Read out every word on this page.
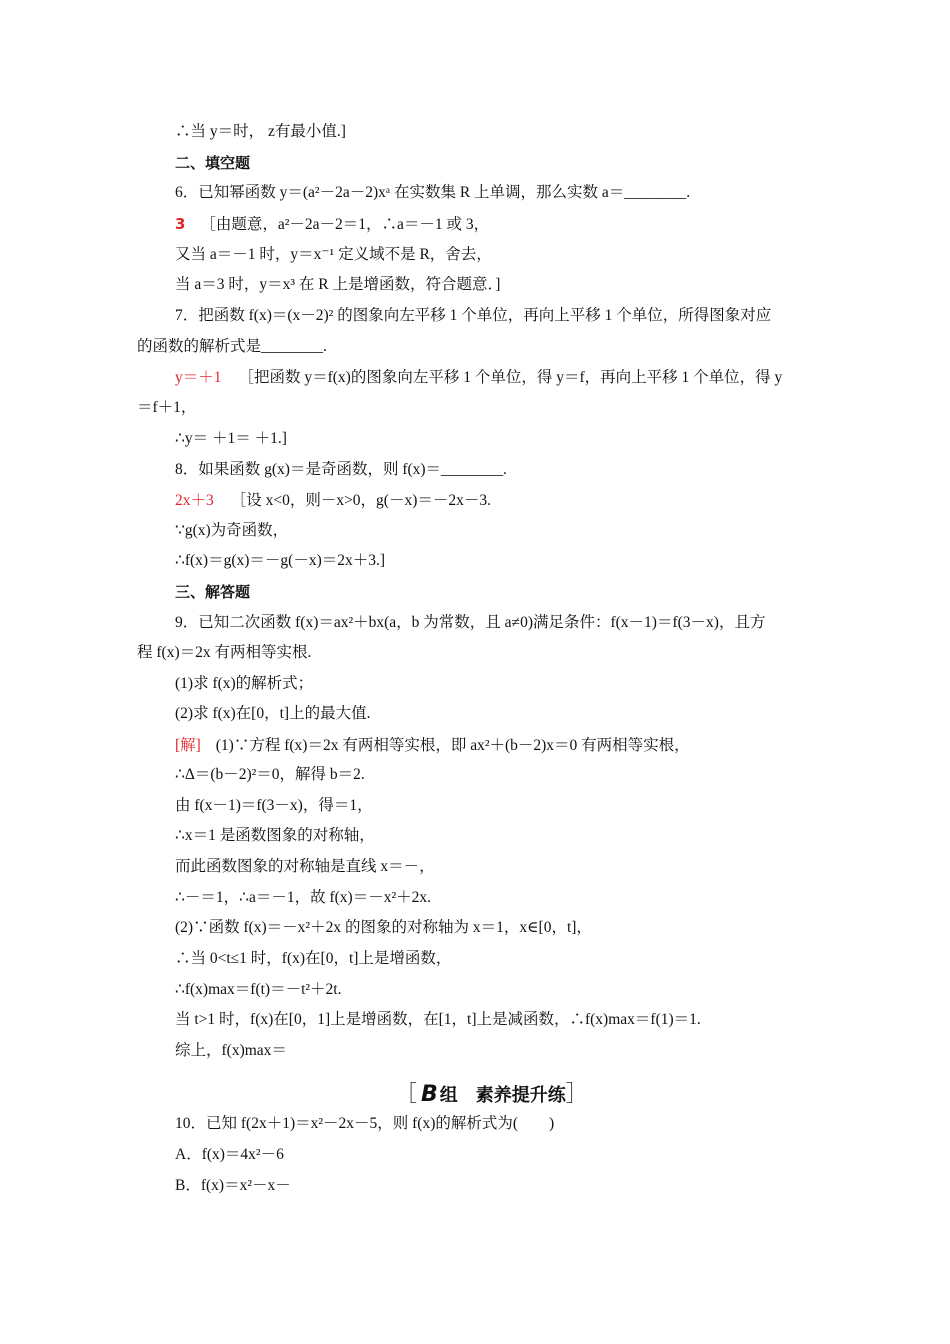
∴当 y＝时， z有最小值.]
二、填空题
6．已知幂函数 y＝(a²－2a－2)xᵃ 在实数集 R 上单调，那么实数 a＝________.
3 ［由题意，a²－2a－2＝1，∴a＝－1 或 3，
又当 a＝－1 时，y＝x⁻¹ 定义域不是 R，舍去，
当 a＝3 时，y＝x³ 在 R 上是增函数，符合题意．]
7．把函数 f(x)＝(x－2)² 的图象向左平移 1 个单位，再向上平移 1 个单位，所得图象对应
的函数的解析式是________.
y＝＋1 ［把函数 y＝f(x)的图象向左平移 1 个单位，得 y＝f，再向上平移 1 个单位，得 y
＝f＋1，
∴y＝ ＋1＝ ＋1.]
8．如果函数 g(x)＝是奇函数，则 f(x)＝________.
2x＋3 ［设 x<0，则－x>0，g(－x)＝－2x－3.
∵g(x)为奇函数，
∴f(x)＝g(x)＝－g(－x)＝2x＋3.]
三、解答题
9．已知二次函数 f(x)＝ax²＋bx(a，b 为常数，且 a≠0)满足条件：f(x－1)＝f(3－x)，且方
程 f(x)＝2x 有两相等实根.
(1)求 f(x)的解析式；
(2)求 f(x)在[0，t]上的最大值.
[解] (1)∵方程 f(x)＝2x 有两相等实根，即 ax²＋(b－2)x＝0 有两相等实根，
∴Δ＝(b－2)²＝0，解得 b＝2.
由 f(x－1)＝f(3－x)，得＝1，
∴x＝1 是函数图象的对称轴，
而此函数图象的对称轴是直线 x＝－，
∴－＝1，∴a＝－1，故 f(x)＝－x²＋2x.
(2)∵函数 f(x)＝－x²＋2x 的图象的对称轴为 x＝1，x∈[0，t]，
∴当 0<t≤1 时，f(x)在[0，t]上是增函数，
∴f(x)max＝f(t)＝－t²＋2t.
当 t>1 时，f(x)在[0，1]上是增函数，在[1，t]上是减函数，∴f(x)max＝f(1)＝1.
综上，f(x)max＝
［ B 组　素养提升练］
10．已知 f(2x＋1)＝x²－2x－5，则 f(x)的解析式为(　　)
A．f(x)＝4x²－6
B．f(x)＝x²－x－
